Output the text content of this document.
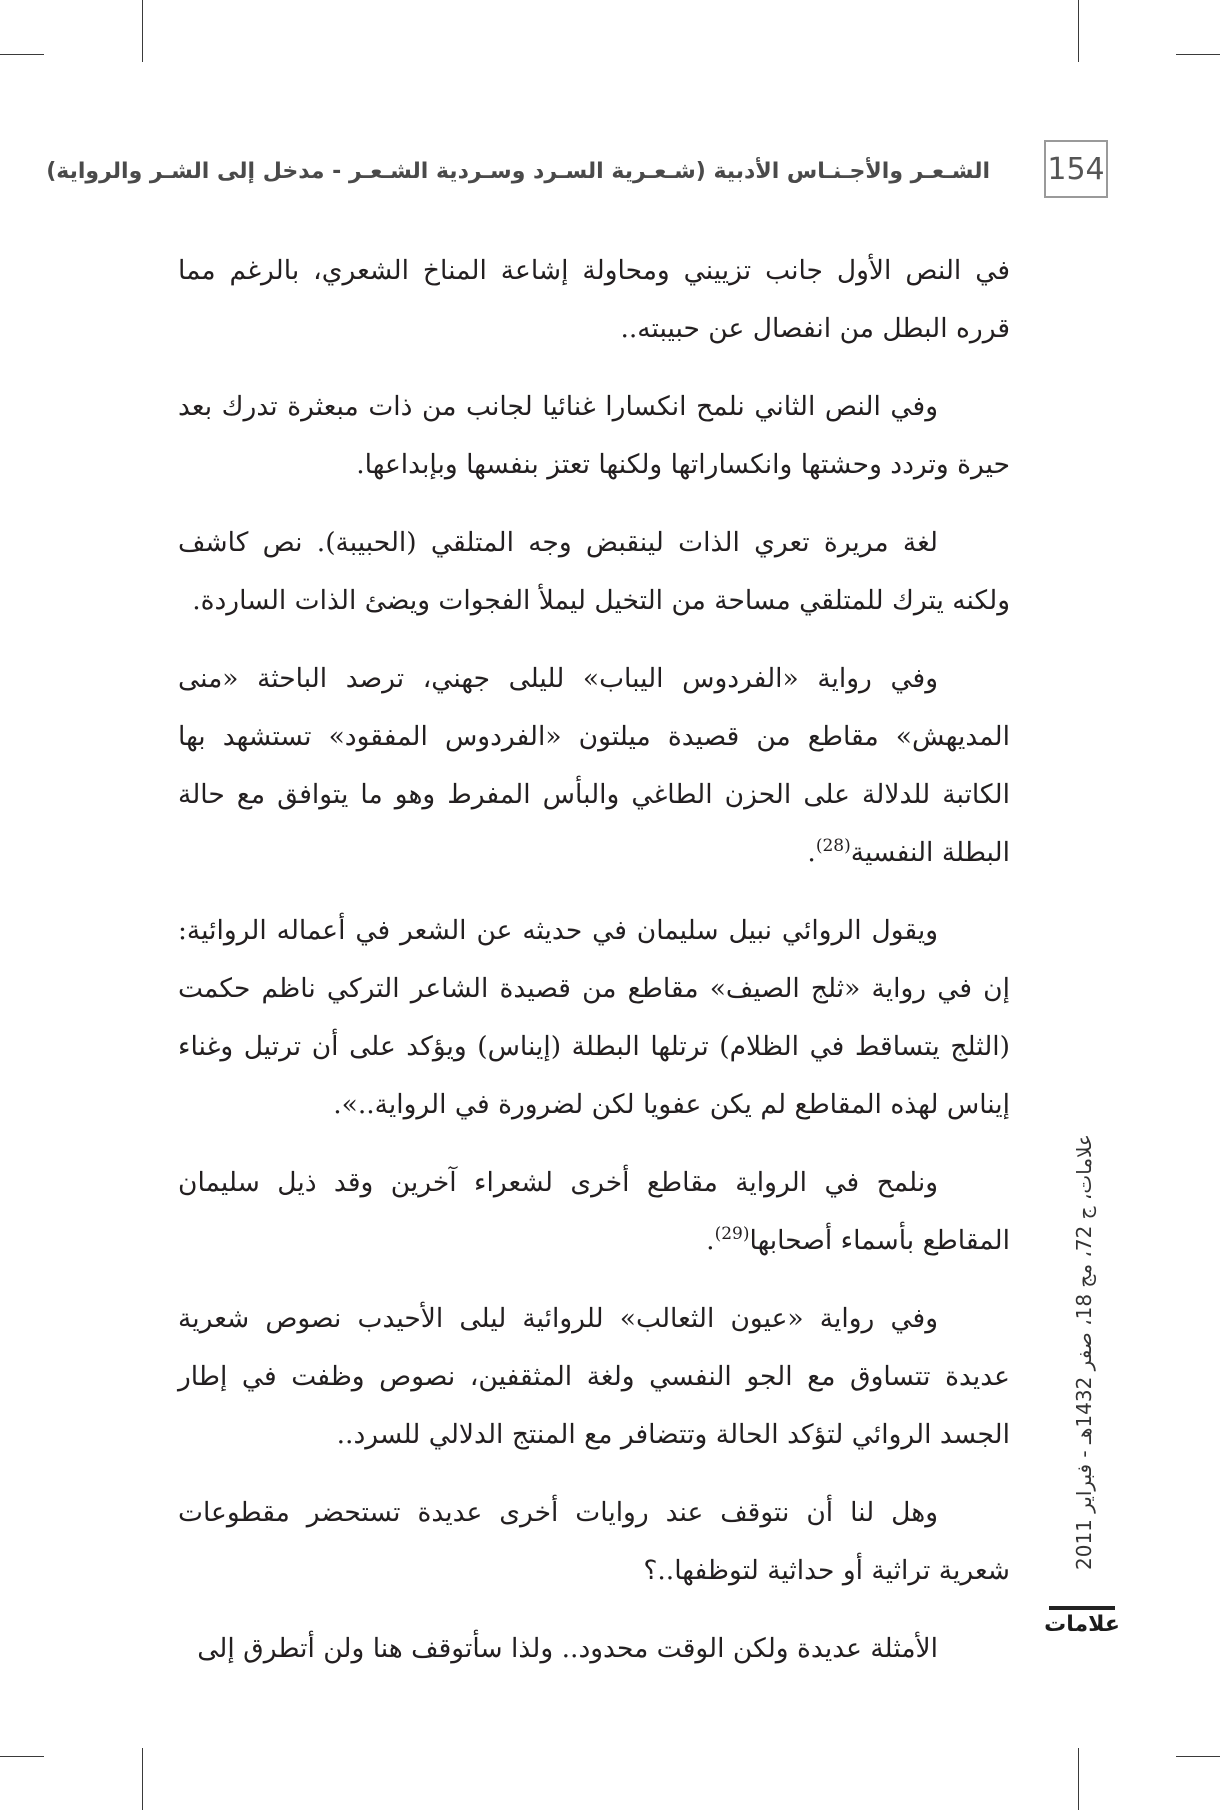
الشـعـر والأجـنـاس الأدبية (شـعـرية السـرد وسـردية الشـعـر - مدخل إلى الشـر والرواية) 154

في النص الأول جانب تزييني ومحاولة إشاعة المناخ الشعري، بالرغم مما قرره البطل من انفصال عن حبيبته..

وفي النص الثاني نلمح انكسارا غنائيا لجانب من ذات مبعثرة تدرك بعد حيرة وتردد وحشتها وانكساراتها ولكنها تعتز بنفسها وبإبداعها.

لغة مريرة تعري الذات لينقبض وجه المتلقي (الحبيبة). نص كاشف ولكنه يترك للمتلقي مساحة من التخيل ليملأ الفجوات ويضئ الذات الساردة.

وفي رواية «الفردوس اليباب» لليلى جهني، ترصد الباحثة «منى المديهش» مقاطع من قصيدة ميلتون «الفردوس المفقود» تستشهد بها الكاتبة للدلالة على الحزن الطاغي والبأس المفرط وهو ما يتوافق مع حالة البطلة النفسية$^{(28)}$.

ويقول الروائي نبيل سليمان في حديثه عن الشعر في أعماله الروائية: إن في رواية «ثلج الصيف» مقاطع من قصيدة الشاعر التركي ناظم حكمت (الثلج يتساقط في الظلام) ترتلها البطلة (إيناس) ويؤكد على أن ترتيل وغناء إيناس لهذه المقاطع لم يكن عفويا لكن لضرورة في الرواية..».

ونلمح في الرواية مقاطع أخرى لشعراء آخرين وقد ذيل سليمان المقاطع بأسماء أصحابها$^{(29)}$.

وفي رواية «عيون الثعالب» للروائية ليلى الأحيدب نصوص شعرية عديدة تتساوق مع الجو النفسي ولغة المثقفين، نصوص وظفت في إطار الجسد الروائي لتؤكد الحالة وتتضافر مع المنتج الدلالي للسرد..

وهل لنا أن نتوقف عند روايات أخرى عديدة تستحضر مقطوعات شعرية تراثية أو حداثية لتوظفها..؟

الأمثلة عديدة ولكن الوقت محدود.. ولذا سأتوقف هنا ولن أتطرق إلى

علامات، ج 72، مج 18، صفر 1432هـ - فبراير 2011
علامات
